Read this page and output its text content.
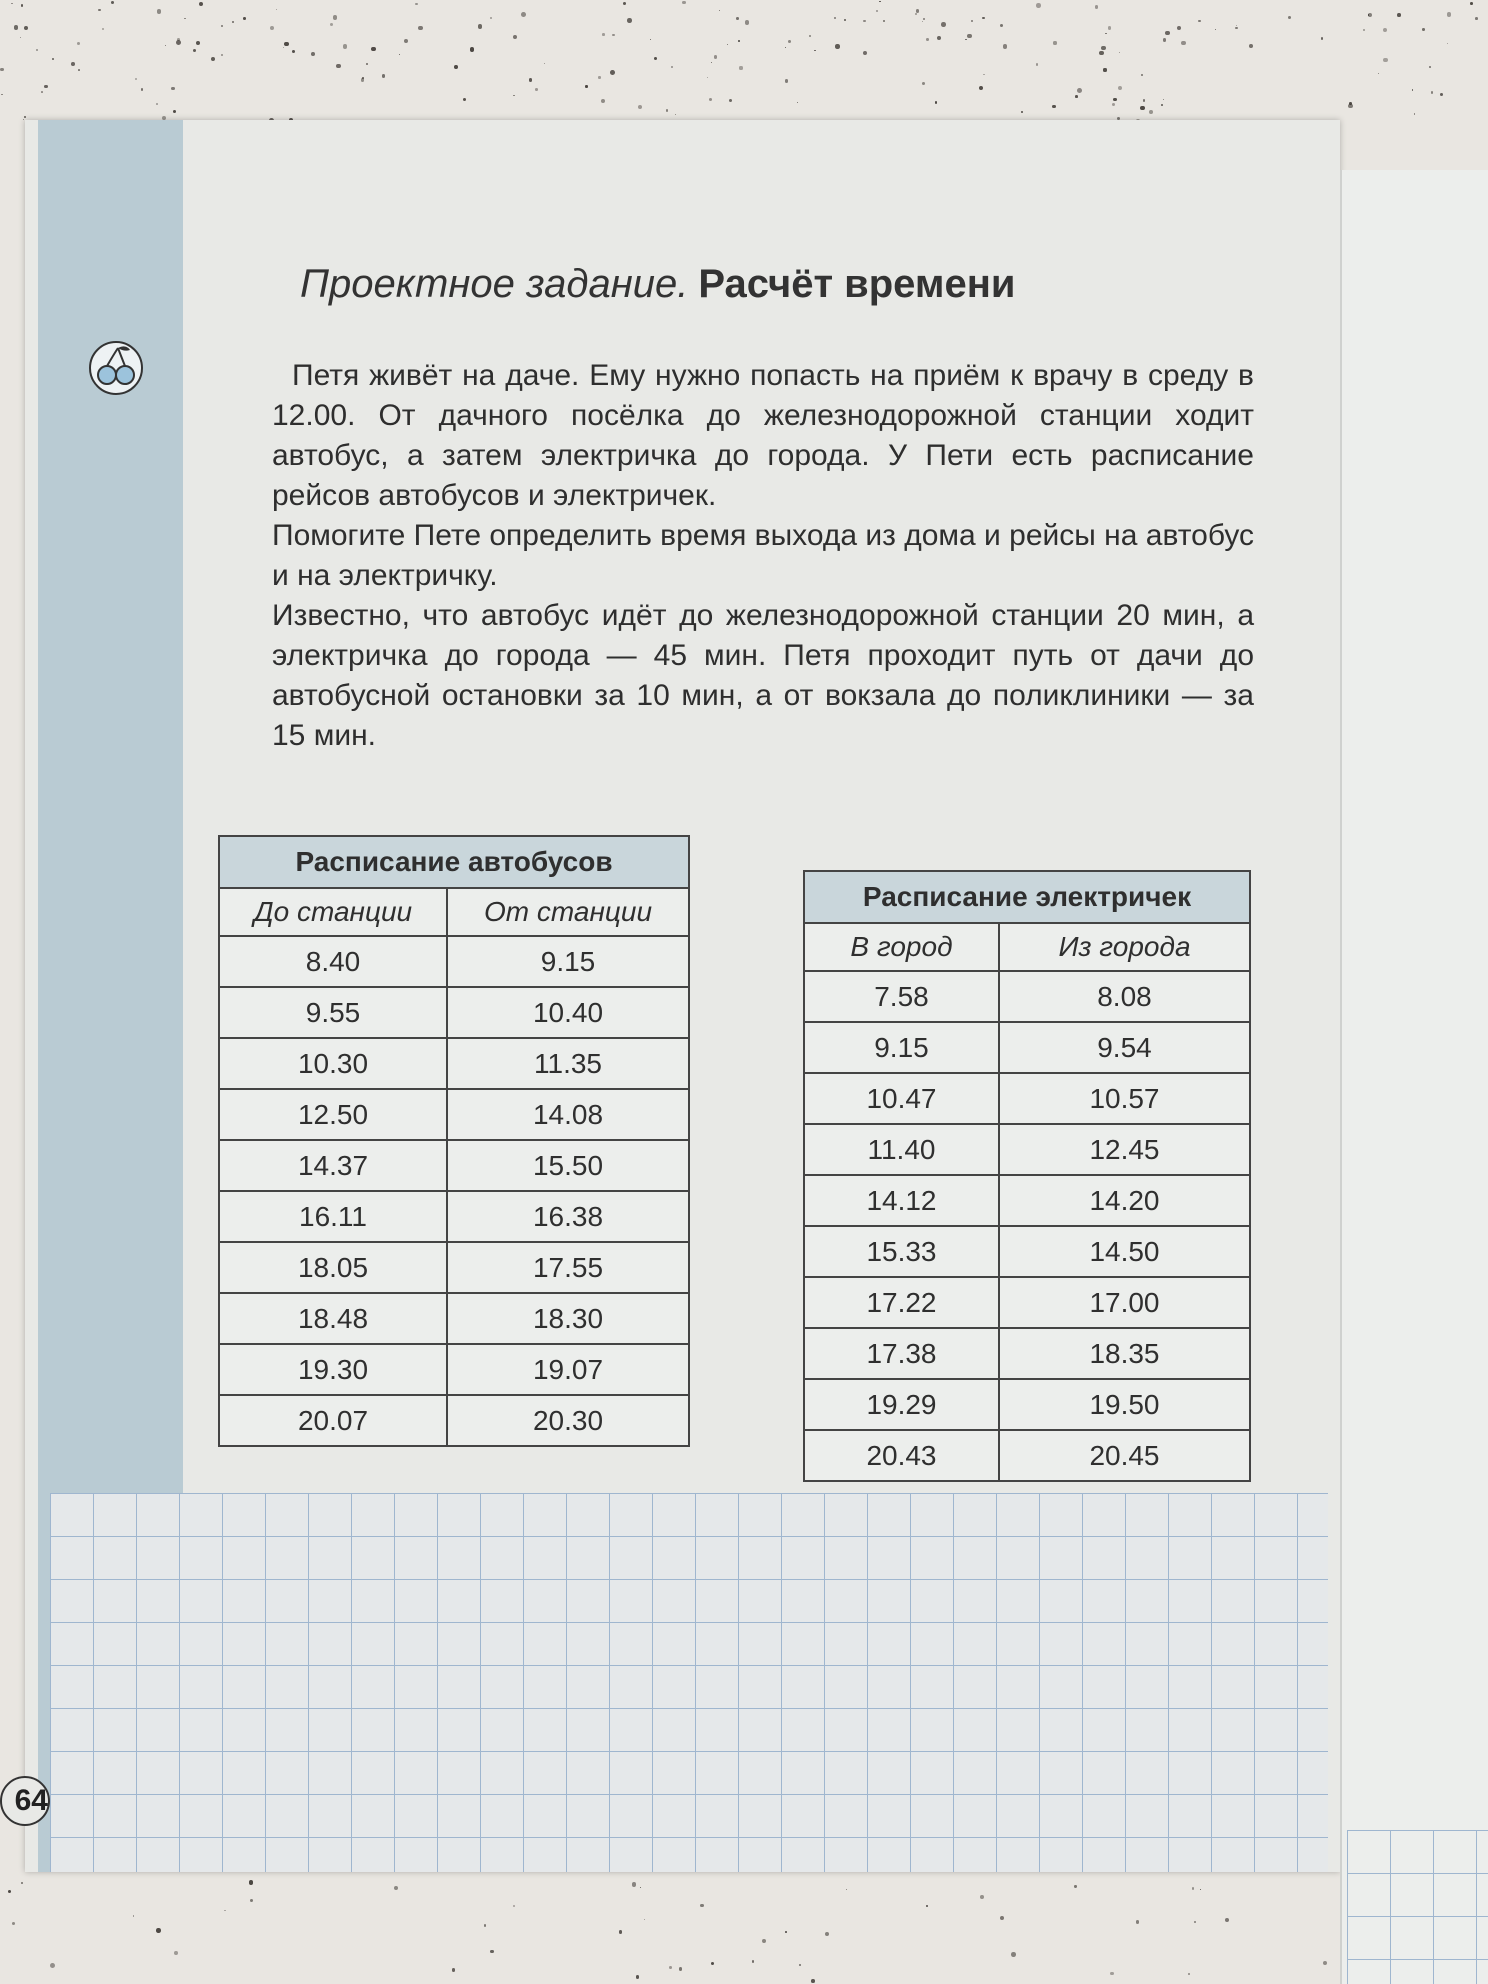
Проектное задание. Расчёт времени

Петя живёт на даче. Ему нужно попасть на приём к врачу в среду в 12.00. От дачного посёлка до железнодорожной станции ходит автобус, а затем электричка до города. У Пети есть расписание рейсов автобусов и электричек.

Помогите Пете определить время выхода из дома и рейсы на автобус и на электричку.

Известно, что автобус идёт до железнодорожной станции 20 мин, а электричка до города — 45 мин. Петя проходит путь от дачи до автобусной остановки за 10 мин, а от вокзала до поликлиники — за 15 мин.

Расписание автобусов	
До станции	От станции
8.40	9.15
9.55	10.40
10.30	11.35
12.50	14.08
14.37	15.50
16.11	16.38
18.05	17.55
18.48	18.30
19.30	19.07
20.07	20.30
Расписание электричек	
В город	Из города
7.58	8.08
9.15	9.54
10.47	10.57
11.40	12.45
14.12	14.20
15.33	14.50
17.22	17.00
17.38	18.35
19.29	19.50
20.43	20.45
64
